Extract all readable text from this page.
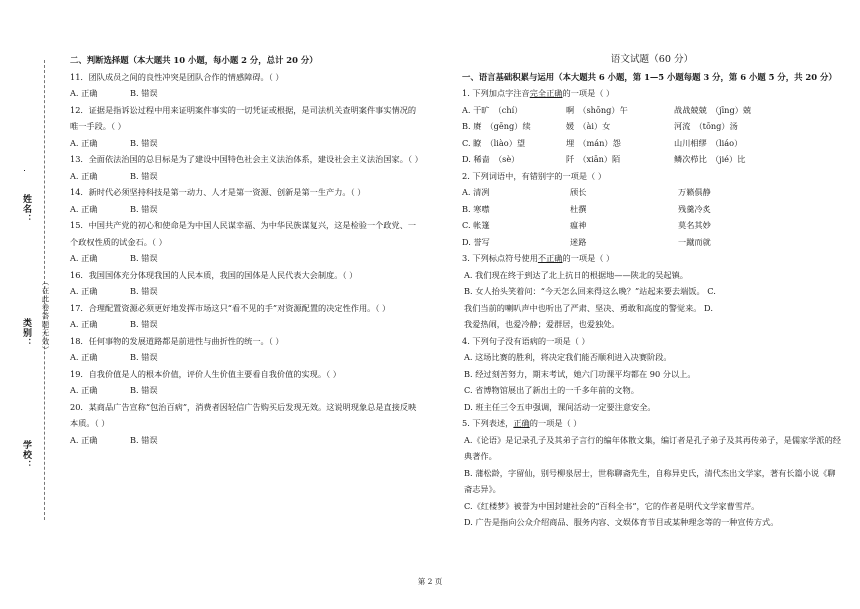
姓名：
类别： （在此卷答题无效）
学校：

二、判断选择题（本大题共 10 小题，每小题 2 分，总计 20 分）

11．团队成员之间的良性冲突是团队合作的情感障碍。（ ）

A. 正确	B. 错误

12．证据是指诉讼过程中用来证明案件事实的一切凭证或根据，是司法机关查明案件事实情况的唯一手段。（ ）

A. 正确	B. 错误

13．全面依法治国的总目标是为了建设中国特色社会主义法治体系，建设社会主义法治国家。（ ）

A. 正确	B. 错误

14．新时代必须坚持科技是第一动力、人才是第一资源、创新是第一生产力。（ ）

A. 正确	B. 错误

15．中国共产党的初心和使命是为中国人民谋幸福、为中华民族谋复兴，这是检验一个政党、一个政权性质的试金石。（ ）

A. 正确	B. 错误

16．我国国体充分体现我国的人民本质，我国的国体是人民代表大会制度。（ ）

A. 正确	B. 错误

17．合理配置资源必须更好地发挥市场这只“看不见的手”对资源配置的决定性作用。（ ）

A. 正确	B. 错误

18．任何事物的发展道路都是前进性与曲折性的统一。（ ）

A. 正确	B. 错误

19．自我价值是人的根本价值，评价人生价值主要看自我价值的实现。（ ）

A. 正确	B. 错误

20．某商品广告宣称“包治百病”，消费者因轻信广告购买后发现无效。这说明现象总是直接反映本质。（ ）

A. 正确	B. 错误

语文试题（60 分）

一、语言基础积累与运用（本大题共 6 小题，第 1—5 小题每题 3 分，第 6 小题 5 分，共 20 分）

1. 下列加点字注音完全正确的一项是（ ）

A. 干旷　（chí）	啊　（shōng）午	战战兢兢　（jīng）兢
B. 赓　（gēng）续	媛　（ài）女	河流　（tōng）汤
C. 瞭　（liào）望	埋　（mán）怨	山川相缪　（liáo）
D. 稀啬　（sè）	阡　（xiān）陌	鳞次栉比　（jié）比

2. 下列词语中，有错别字的一项是（ ）

A. 清冽	颀长	万籁俱静
B. 寒噤	杜撰	残羹冷炙
C. 帐篷	瘟神	莫名其妙
D. 誉写	迷路	一蹴而就

3. 下列标点符号使用不正确的一项是（ ）

A. 我们现在终于到达了北上抗日的根据地——陕北的吴起镇。

B. 女人抬头笑着问：“今天怎么回来得这么晚？”站起来要去端饭。 C.

我们当前的喇叭声中也听出了严肃、坚决、勇敢和高度的警觉来。 D.

我爱热闹，也爱冷静；爱群居，也爱独处。

4. 下列句子没有语病的一项是（ ）

A. 这场比赛的胜利，将决定我们能否顺利进入决赛阶段。

B. 经过刻苦努力，期末考试，她六门功课平均都在 90 分以上。

C. 省博物馆展出了新出土的一千多年前的文物。

D. 班主任三令五申强调，课间活动一定要注意安全。

5. 下列表述，正确的一项是（ ）

A.《论语》是记录孔子及其弟子言行的编年体散文集，编订者是孔子弟子及其再传弟子，是儒家学派的经典著作。

B. 蒲松龄，字留仙，别号柳泉居士，世称聊斋先生，自称异史氏，清代杰出文学家，著有长篇小说《聊斋志异》。

C.《红楼梦》被誉为中国封建社会的“百科全书”，它的作者是明代文学家曹雪芹。

D. 广告是指向公众介绍商品、服务内容、文娱体育节目或某种理念等的一种宣传方式。

第 2 页
